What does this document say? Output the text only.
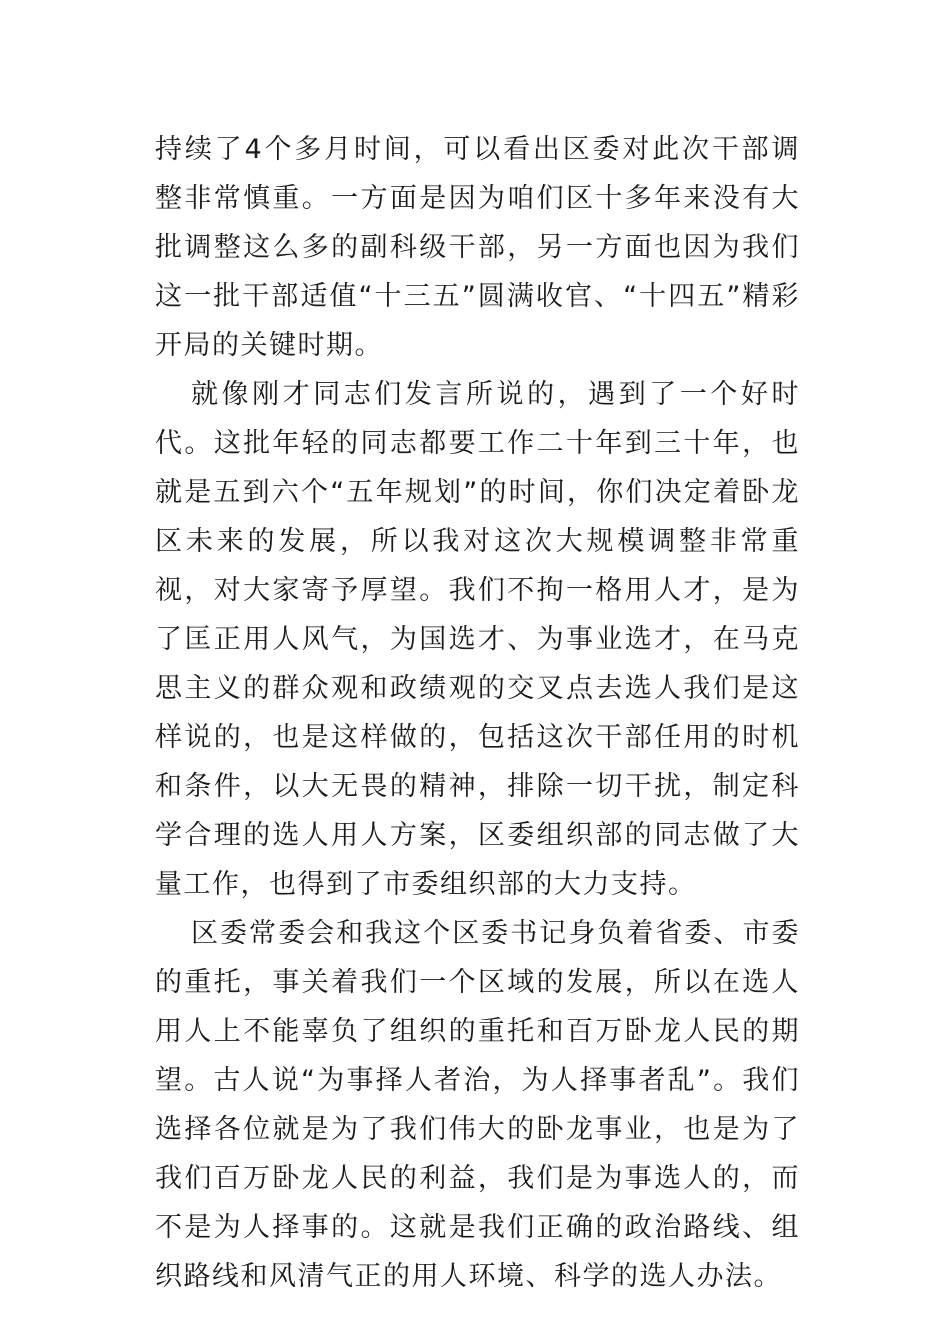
持续了4个多月时间，可以看出区委对此次干部调整非常慎重。一方面是因为咱们区十多年来没有大批调整这么多的副科级干部，另一方面也因为我们这一批干部适值“十三五”圆满收官、“十四五”精彩开局的关键时期。

就像刚才同志们发言所说的，遇到了一个好时代。这批年轻的同志都要工作二十年到三十年，也就是五到六个“五年规划”的时间，你们决定着卧龙区未来的发展，所以我对这次大规模调整非常重视，对大家寄予厚望。我们不拘一格用人才，是为了匡正用人风气，为国选才、为事业选才，在马克思主义的群众观和政绩观的交叉点去选人我们是这样说的，也是这样做的，包括这次干部任用的时机和条件，以大无畏的精神，排除一切干扰，制定科学合理的选人用人方案，区委组织部的同志做了大量工作，也得到了市委组织部的大力支持。

区委常委会和我这个区委书记身负着省委、市委的重托，事关着我们一个区域的发展，所以在选人用人上不能辜负了组织的重托和百万卧龙人民的期望。古人说“为事择人者治，为人择事者乱”。我们选择各位就是为了我们伟大的卧龙事业，也是为了我们百万卧龙人民的利益，我们是为事选人的，而不是为人择事的。这就是我们正确的政治路线、组织路线和风清气正的用人环境、科学的选人办法。
